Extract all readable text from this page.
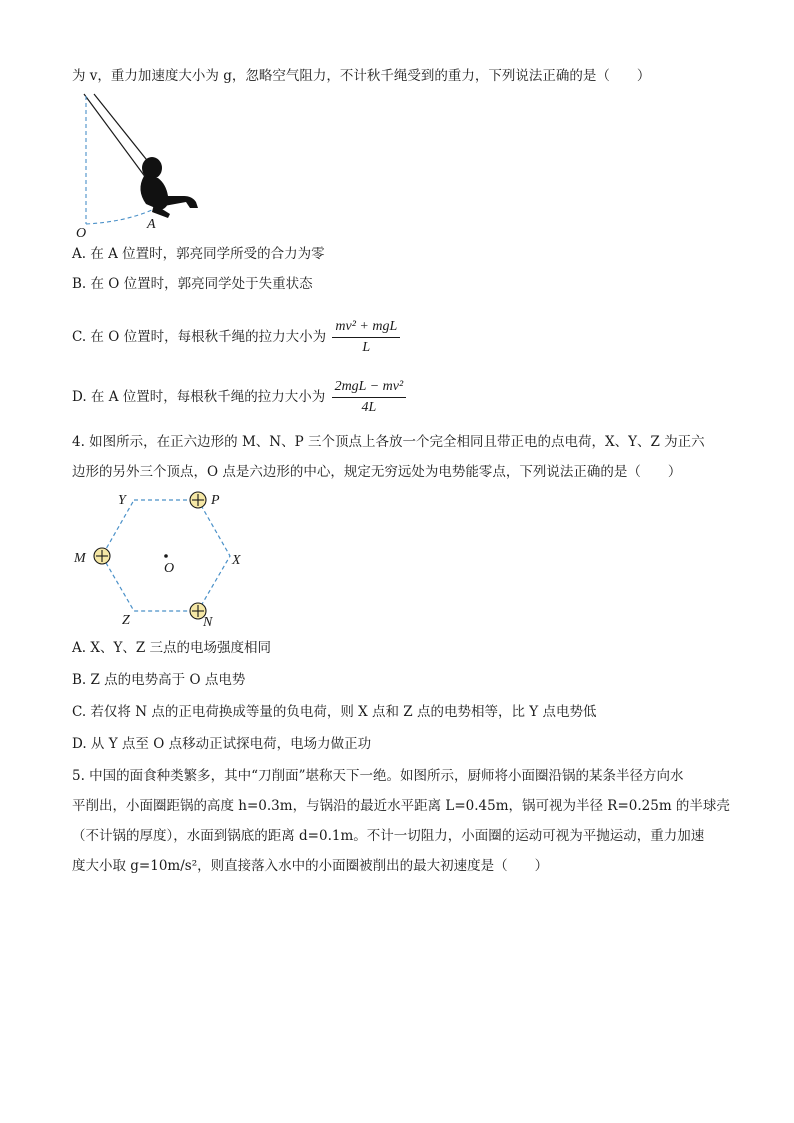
为 v，重力加速度大小为 g，忽略空气阻力，不计秋千绳受到的重力，下列说法正确的是（　　）
O
A
A. 在 A 位置时，郭亮同学所受的合力为零
B. 在 O 位置时，郭亮同学处于失重状态
C. 在 O 位置时，每根秋千绳的拉力大小为 $\frac{\text{mv² + mgL}}{L}$
D. 在 A 位置时，每根秋千绳的拉力大小为 $\frac{\text{2mgL − mv²}}{4L}$
4. 如图所示，在正六边形的 M、N、P 三个顶点上各放一个完全相同且带正电的点电荷，X、Y、Z 为正六
边形的另外三个顶点，O 点是六边形的中心，规定无穷远处为电势能零点，下列说法正确的是（　　）
Y	P
M	X
O
Z	N
A. X、Y、Z 三点的电场强度相同
B. Z 点的电势高于 O 点电势
C. 若仅将 N 点的正电荷换成等量的负电荷，则 X 点和 Z 点的电势相等，比 Y 点电势低
D. 从 Y 点至 O 点移动正试探电荷，电场力做正功
5. 中国的面食种类繁多，其中“刀削面”堪称天下一绝。如图所示，厨师将小面圈沿锅的某条半径方向水
平削出，小面圈距锅的高度 h=0.3m，与锅沿的最近水平距离 L=0.45m，锅可视为半径 R=0.25m 的半球壳
（不计锅的厚度），水面到锅底的距离 d=0.1m。不计一切阻力，小面圈的运动可视为平抛运动，重力加速
度大小取 g=10m/s²，则直接落入水中的小面圈被削出的最大初速度是（　　）
